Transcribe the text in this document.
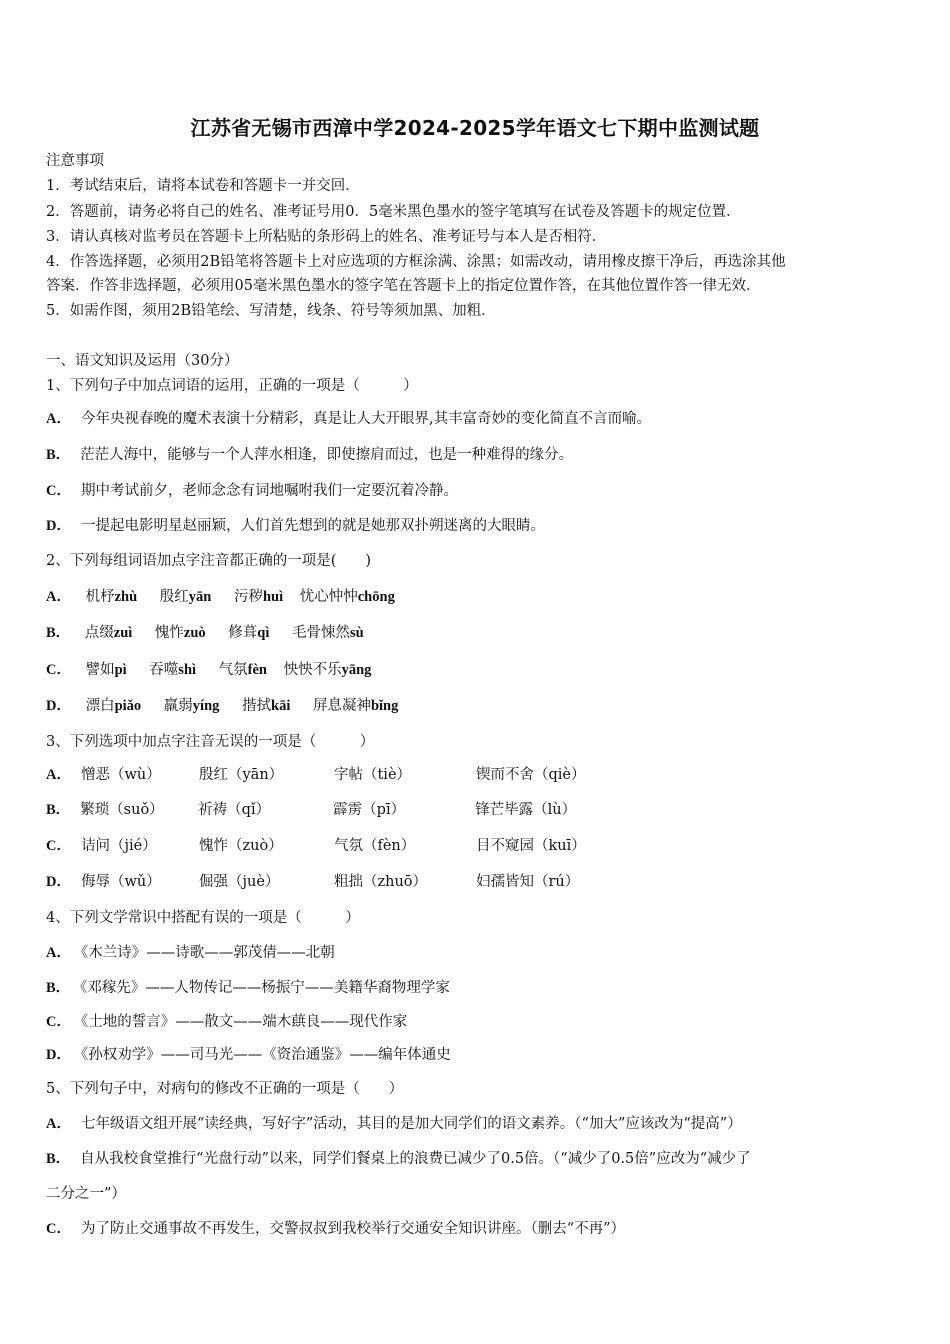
江苏省无锡市西漳中学2024-2025学年语文七下期中监测试题
注意事项
1．考试结束后，请将本试卷和答题卡一并交回．
2．答题前，请务必将自己的姓名、准考证号用0．5毫米黑色墨水的签字笔填写在试卷及答题卡的规定位置．
3．请认真核对监考员在答题卡上所粘贴的条形码上的姓名、准考证号与本人是否相符．
4．作答选择题，必须用2B铅笔将答题卡上对应选项的方框涂满、涂黑；如需改动，请用橡皮擦干净后，再选涂其他
答案．作答非选择题，必须用05毫米黑色墨水的签字笔在答题卡上的指定位置作答，在其他位置作答一律无效．
5．如需作图，须用2B铅笔绘、写清楚，线条、符号等须加黑、加粗．
一、语文知识及运用（30分）
1、下列句子中加点词语的运用，正确的一项是（　　　）
A． 今年央视春晚的魔术表演十分精彩，真是让人大开眼界,其丰富奇妙的变化简直不言而喻。
B． 茫茫人海中，能够与一个人萍水相逢，即使擦肩而过，也是一种难得的缘分。
C． 期中考试前夕，老师念念有词地嘱咐我们一定要沉着冷静。
D． 一提起电影明星赵丽颖，人们首先想到的就是她那双扑朔迷离的大眼睛。
2、下列每组词语加点字注音都正确的一项是(　　)
A． 机杼zhù 殷红yān 污秽huì 忧心忡忡chōng
B． 点缀zuì 愧怍zuò 修葺qì 毛骨悚然sù
C． 譬如pì 吞噬shì 气氛fèn 怏怏不乐yāng
D． 漂白piǎo 羸弱yíng 揩拭kāi 屏息凝神bǐng
3、下列选项中加点字注音无误的一项是（　　　）
A． 憎恶（wù）	殷红（yān）	字帖（tiè）	锲而不舍（qiè）
B． 繁琐（suǒ） 祈祷（qǐ）	霹雳（pī）	锋芒毕露（lù）
C． 诘问（jié）	愧怍（zuò）	气氛（fèn）	目不窥园（kuī）
D． 侮辱（wǔ）	倔强（juè）	粗拙（zhuō）	妇孺皆知（rú）
4、下列文学常识中搭配有误的一项是（　　　）
A． 《木兰诗》——诗歌——郭茂倩——北朝
B． 《邓稼先》——人物传记——杨振宁——美籍华裔物理学家
C． 《土地的誓言》——散文——端木蕻良——现代作家
D． 《孙权劝学》——司马光——《资治通鉴》——编年体通史
5、下列句子中，对病句的修改不正确的一项是（　　）
A． 七年级语文组开展“读经典，写好字”活动，其目的是加大同学们的语文素养。（“加大”应该改为“提高”）
B． 自从我校食堂推行“光盘行动”以来，同学们餐桌上的浪费已减少了0.5倍。（“减少了0.5倍”应改为“减少了
二分之一”）
C． 为了防止交通事故不再发生，交警叔叔到我校举行交通安全知识讲座。（删去“不再”）
